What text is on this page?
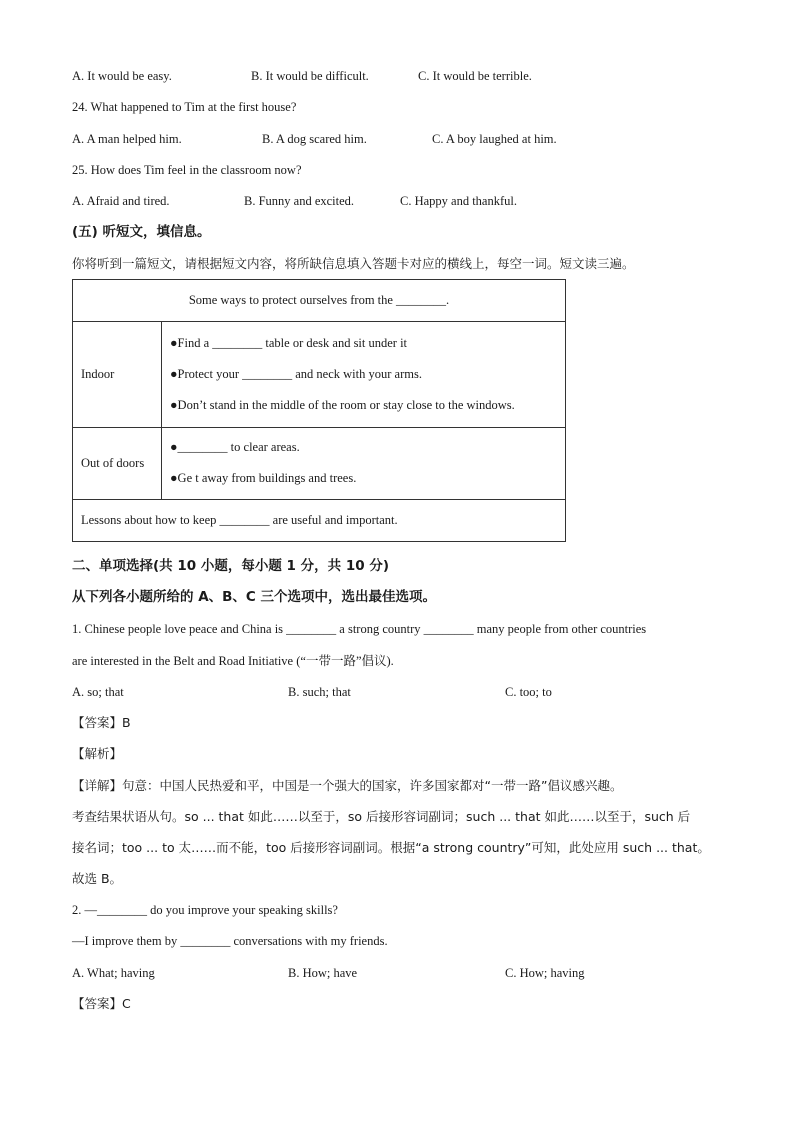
A. It would be easy.	B. It would be difficult.	C. It would be terrible.
24. What happened to Tim at the first house?
A. A man helped him.	B. A dog scared him.	C. A boy laughed at him.
25. How does Tim feel in the classroom now?
A. Afraid and tired.	B. Funny and excited.	C. Happy and thankful.
(五) 听短文，填信息。
你将听到一篇短文，请根据短文内容，将所缺信息填入答题卡对应的横线上，每空一词。短文读三遍。
Some ways to protect ourselves from the ________.	
Indoor	●Find a ________ table or desk and sit under it
●Protect your ________ and neck with your arms.
●Don’t stand in the middle of the room or stay close to the windows.

Out of doors	●________ to clear areas.
●Ge t away from buildings and trees.

Lessons about how to keep ________ are useful and important.	
二、单项选择(共 10 小题，每小题 1 分，共 10 分)
从下列各小题所给的 A、B、C 三个选项中，选出最佳选项。
1. Chinese people love peace and China is ________ a strong country ________ many people from other countries
are interested in the Belt and Road Initiative (“一带一路”倡议).
A. so; that	B. such; that	C. too; to
【答案】B
【解析】
【详解】句意：中国人民热爱和平，中国是一个强大的国家，许多国家都对“一带一路”倡议感兴趣。
考查结果状语从句。so ... that 如此……以至于，so 后接形容词副词；such ... that 如此……以至于，such 后
接名词；too ... to 太……而不能，too 后接形容词副词。根据“a strong country”可知，此处应用 such ... that。
故选 B。
2. —________ do you improve your speaking skills?
—I improve them by ________ conversations with my friends.
A. What; having	B. How; have	C. How; having
【答案】C
